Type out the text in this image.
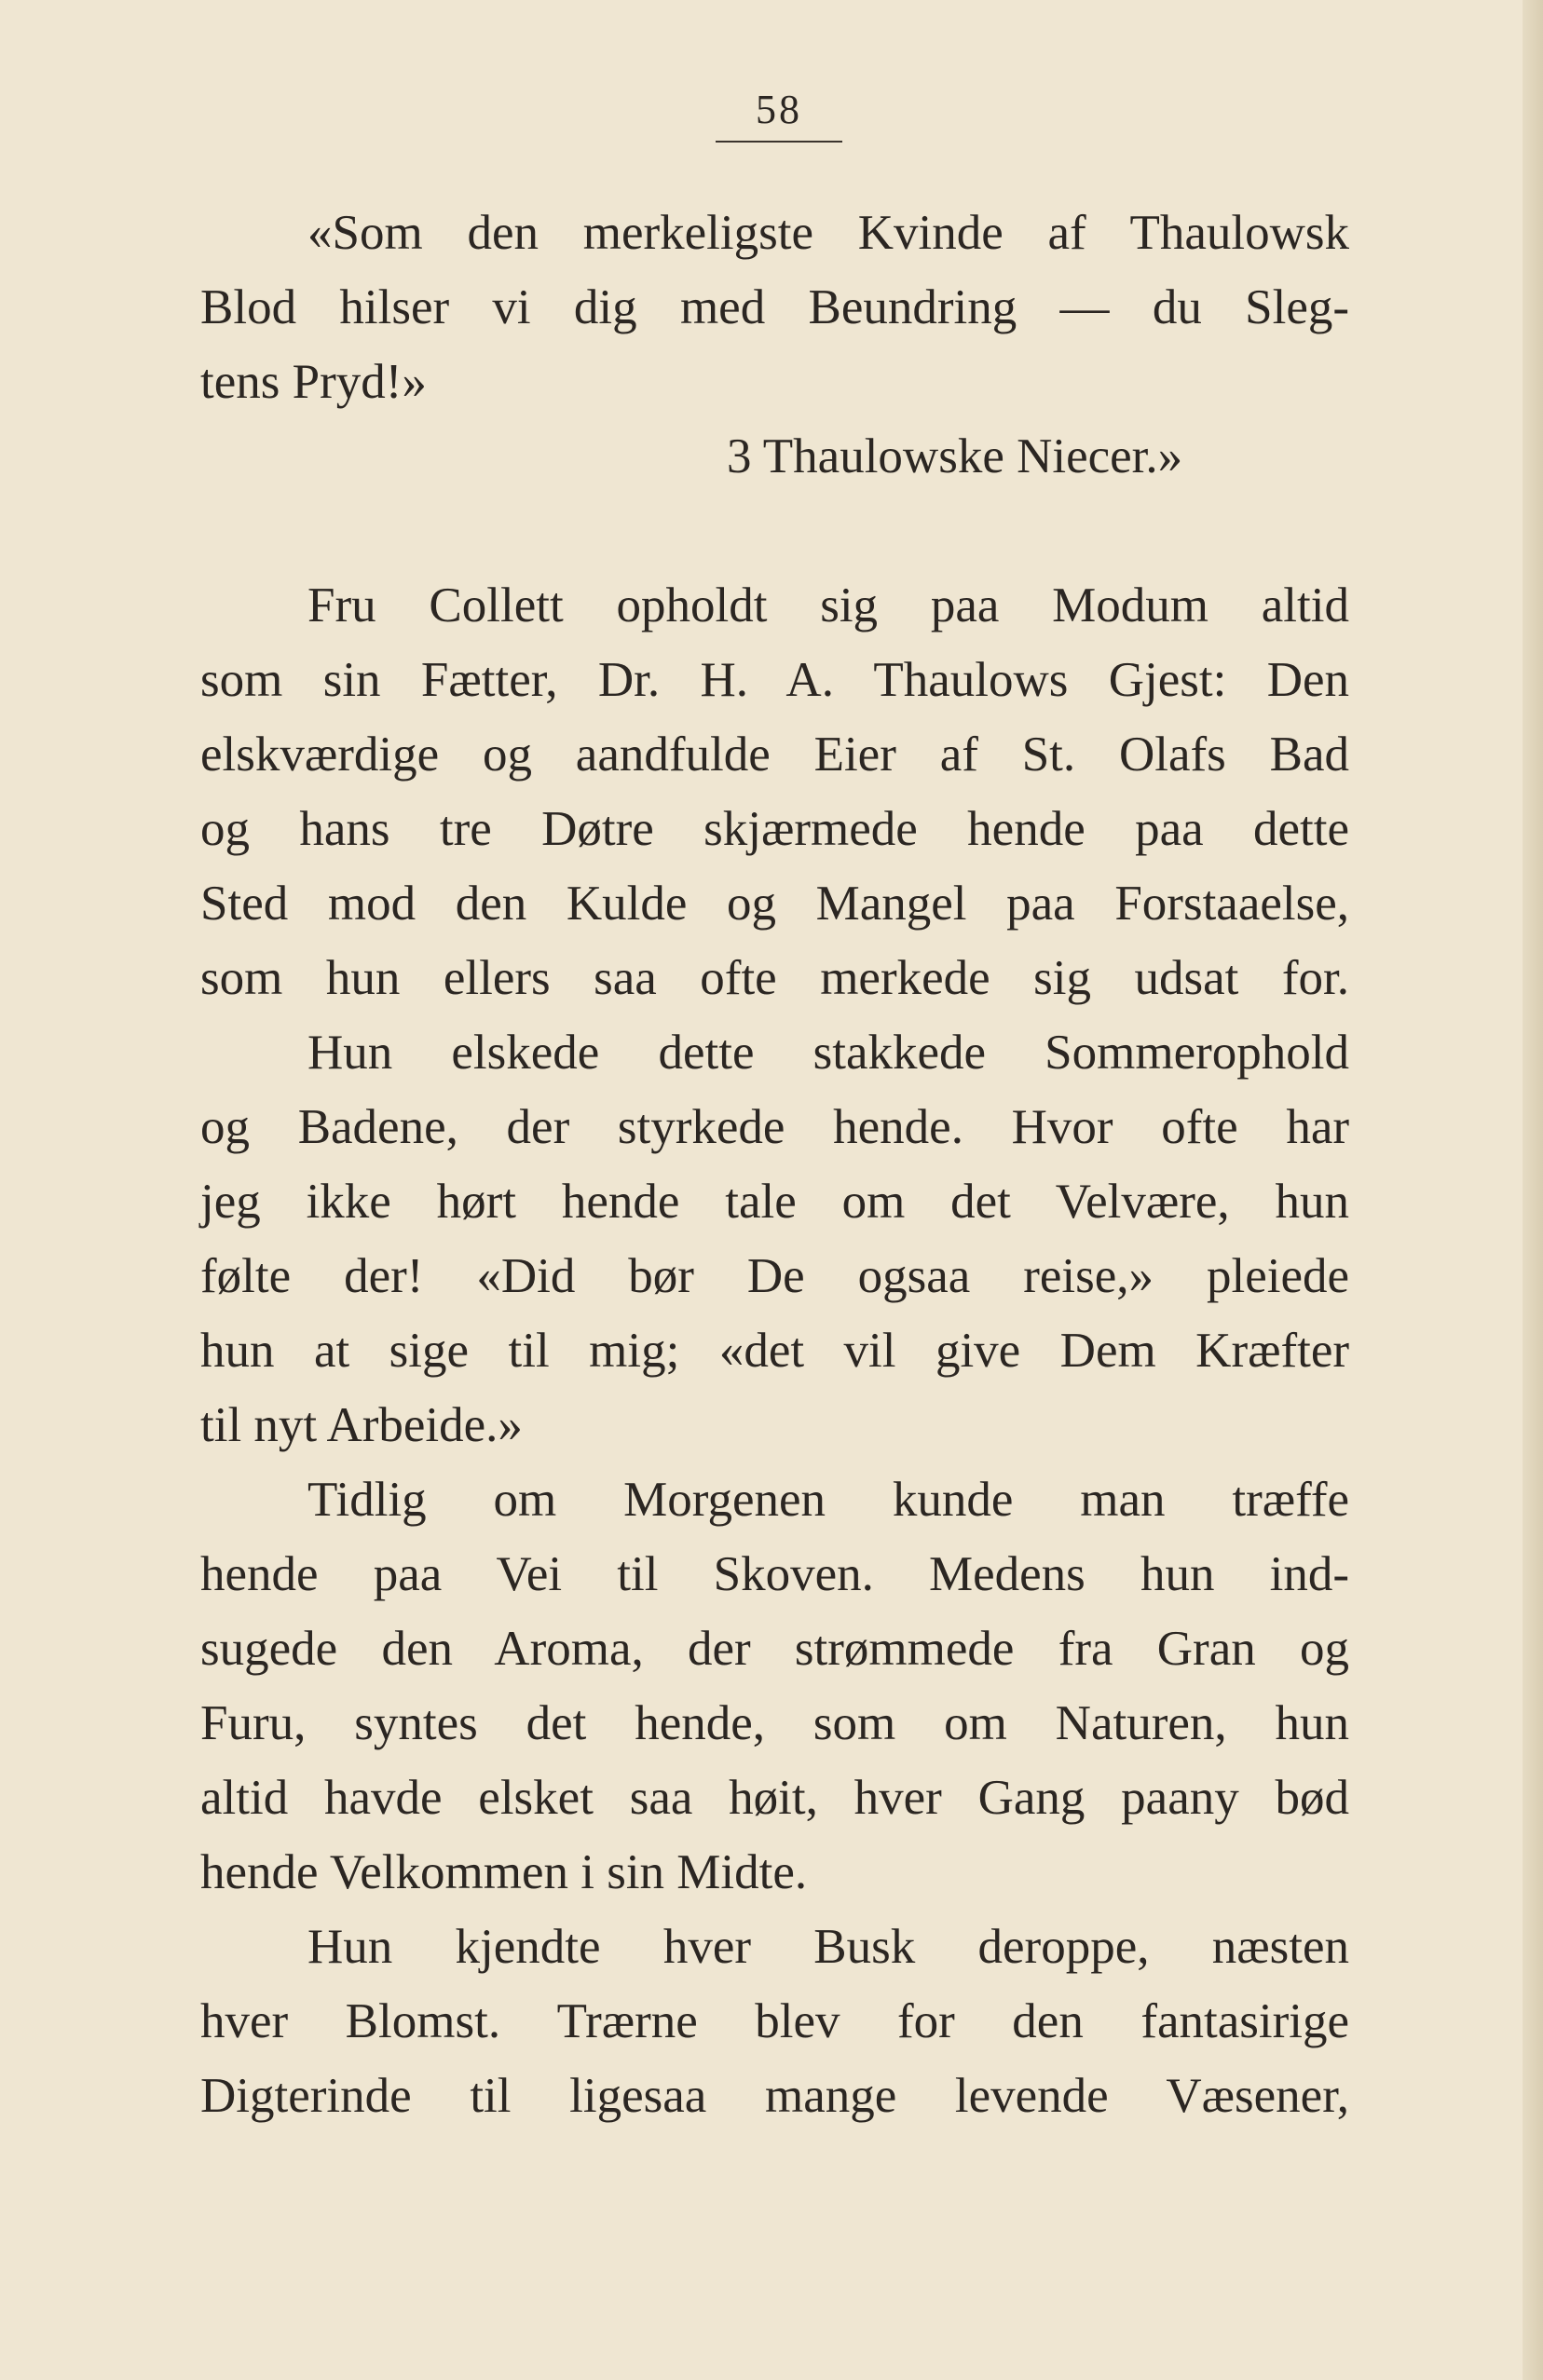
58
«Som den merkeligste Kvinde af Thaulowsk
Blod hilser vi dig med Beundring — du Sleg-
tens Pryd!»
3 Thaulowske Niecer.»
Fru Collett opholdt sig paa Modum altid
som sin Fætter, Dr. H. A. Thaulows Gjest: Den
elskværdige og aandfulde Eier af St. Olafs Bad
og hans tre Døtre skjærmede hende paa dette
Sted mod den Kulde og Mangel paa Forstaaelse,
som hun ellers saa ofte merkede sig udsat for.
Hun elskede dette stakkede Sommerophold
og Badene, der styrkede hende. Hvor ofte har
jeg ikke hørt hende tale om det Velvære, hun
følte der! «Did bør De ogsaa reise,» pleiede
hun at sige til mig; «det vil give Dem Kræfter
til nyt Arbeide.»
Tidlig om Morgenen kunde man træffe
hende paa Vei til Skoven. Medens hun ind-
sugede den Aroma, der strømmede fra Gran og
Furu, syntes det hende, som om Naturen, hun
altid havde elsket saa høit, hver Gang paany bød
hende Velkommen i sin Midte.
Hun kjendte hver Busk deroppe, næsten
hver Blomst. Trærne blev for den fantasirige
Digterinde til ligesaa mange levende Væsener,
